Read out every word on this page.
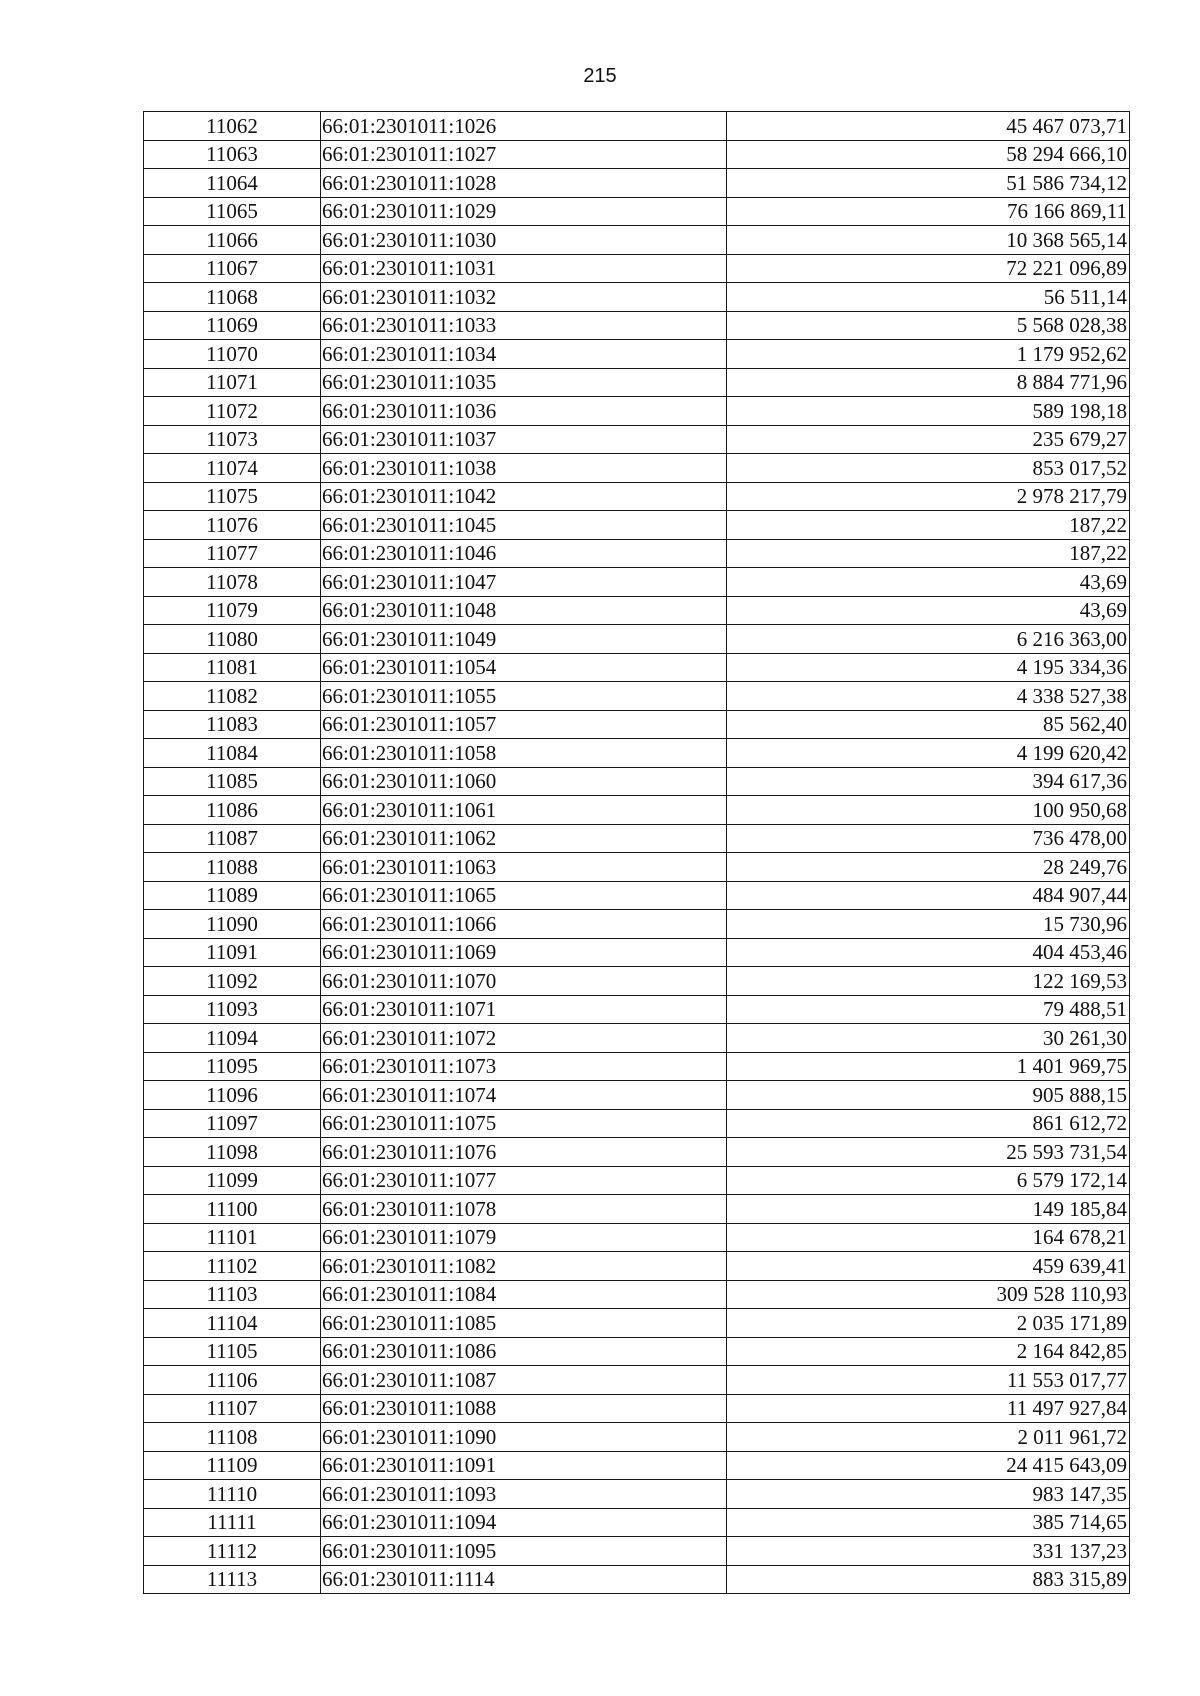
215
11062	66:01:2301011:1026	45 467 073,71
11063	66:01:2301011:1027	58 294 666,10
11064	66:01:2301011:1028	51 586 734,12
11065	66:01:2301011:1029	76 166 869,11
11066	66:01:2301011:1030	10 368 565,14
11067	66:01:2301011:1031	72 221 096,89
11068	66:01:2301011:1032	56 511,14
11069	66:01:2301011:1033	5 568 028,38
11070	66:01:2301011:1034	1 179 952,62
11071	66:01:2301011:1035	8 884 771,96
11072	66:01:2301011:1036	589 198,18
11073	66:01:2301011:1037	235 679,27
11074	66:01:2301011:1038	853 017,52
11075	66:01:2301011:1042	2 978 217,79
11076	66:01:2301011:1045	187,22
11077	66:01:2301011:1046	187,22
11078	66:01:2301011:1047	43,69
11079	66:01:2301011:1048	43,69
11080	66:01:2301011:1049	6 216 363,00
11081	66:01:2301011:1054	4 195 334,36
11082	66:01:2301011:1055	4 338 527,38
11083	66:01:2301011:1057	85 562,40
11084	66:01:2301011:1058	4 199 620,42
11085	66:01:2301011:1060	394 617,36
11086	66:01:2301011:1061	100 950,68
11087	66:01:2301011:1062	736 478,00
11088	66:01:2301011:1063	28 249,76
11089	66:01:2301011:1065	484 907,44
11090	66:01:2301011:1066	15 730,96
11091	66:01:2301011:1069	404 453,46
11092	66:01:2301011:1070	122 169,53
11093	66:01:2301011:1071	79 488,51
11094	66:01:2301011:1072	30 261,30
11095	66:01:2301011:1073	1 401 969,75
11096	66:01:2301011:1074	905 888,15
11097	66:01:2301011:1075	861 612,72
11098	66:01:2301011:1076	25 593 731,54
11099	66:01:2301011:1077	6 579 172,14
11100	66:01:2301011:1078	149 185,84
11101	66:01:2301011:1079	164 678,21
11102	66:01:2301011:1082	459 639,41
11103	66:01:2301011:1084	309 528 110,93
11104	66:01:2301011:1085	2 035 171,89
11105	66:01:2301011:1086	2 164 842,85
11106	66:01:2301011:1087	11 553 017,77
11107	66:01:2301011:1088	11 497 927,84
11108	66:01:2301011:1090	2 011 961,72
11109	66:01:2301011:1091	24 415 643,09
11110	66:01:2301011:1093	983 147,35
11111	66:01:2301011:1094	385 714,65
11112	66:01:2301011:1095	331 137,23
11113	66:01:2301011:1114	883 315,89
